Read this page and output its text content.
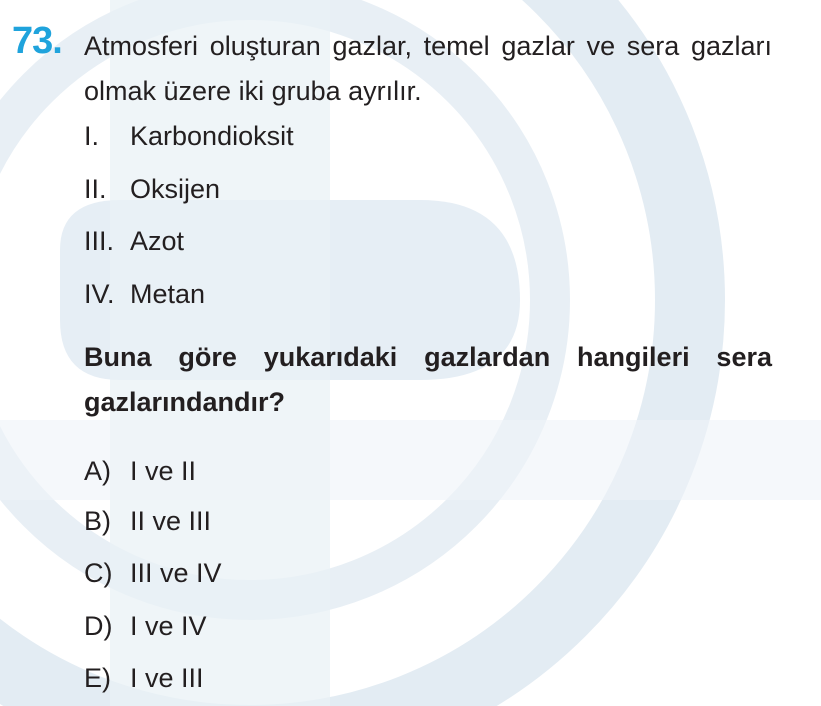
73. Atmosferi oluşturan gazlar, temel gazlar ve sera gazları olmak üzere iki gruba ayrılır.
I. Karbondioksit
II. Oksijen
III. Azot
IV. Metan
Buna göre yukarıdaki gazlardan hangileri sera gazlarındandır?
A) I ve II
B) II ve III
C) III ve IV
D) I ve IV
E) I ve III
